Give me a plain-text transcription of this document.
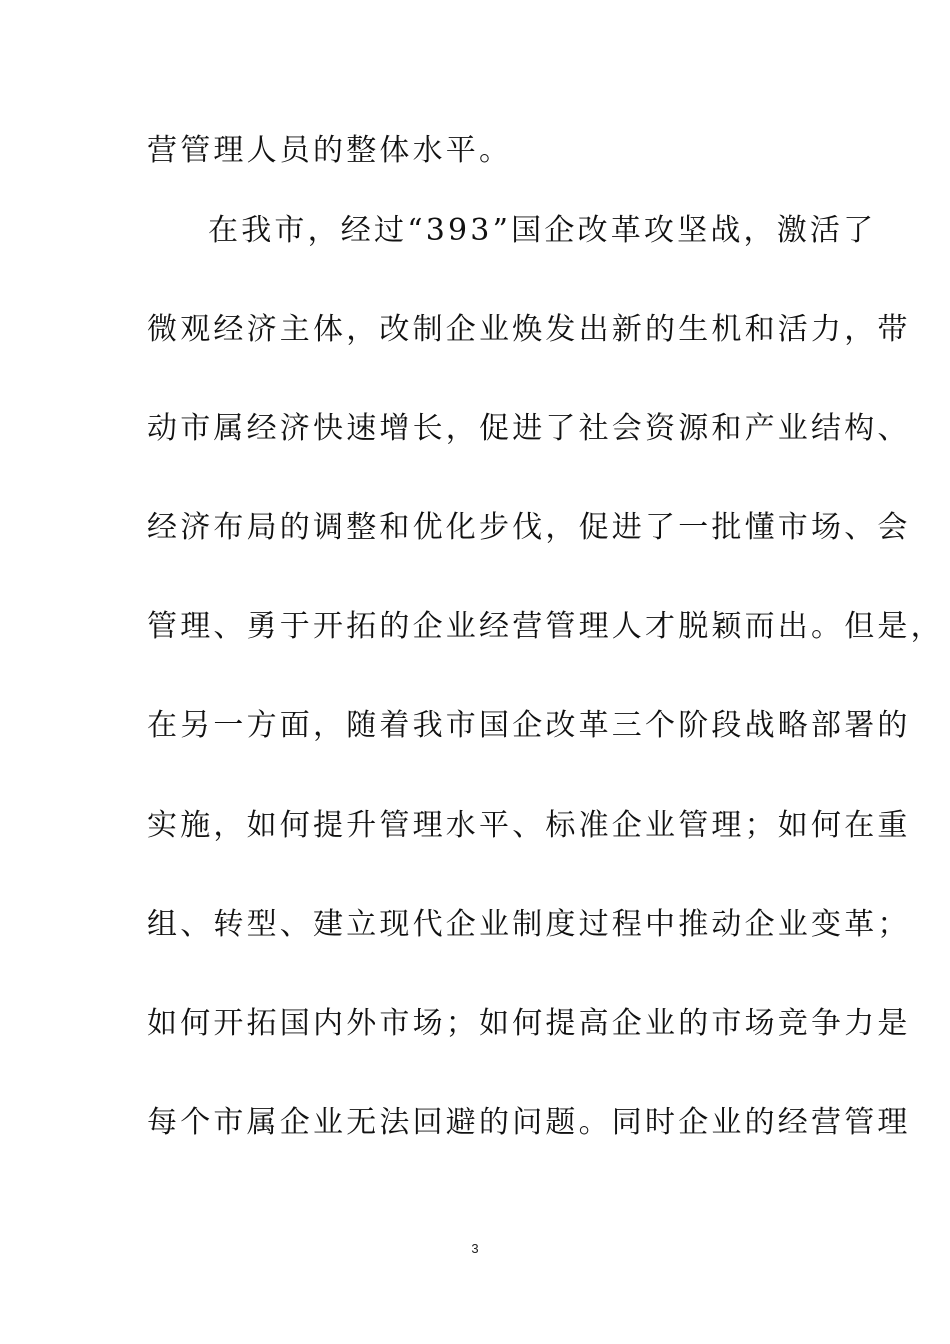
营管理人员的整体水平。
在我市，经过“393”国企改革攻坚战，激活了
微观经济主体，改制企业焕发出新的生机和活力，带
动市属经济快速增长，促进了社会资源和产业结构、
经济布局的调整和优化步伐，促进了一批懂市场、会
管理、勇于开拓的企业经营管理人才脱颖而出。但是，
在另一方面，随着我市国企改革三个阶段战略部署的
实施，如何提升管理水平、标准企业管理；如何在重
组、转型、建立现代企业制度过程中推动企业变革；
如何开拓国内外市场；如何提高企业的市场竞争力是
每个市属企业无法回避的问题。同时企业的经营管理
3
